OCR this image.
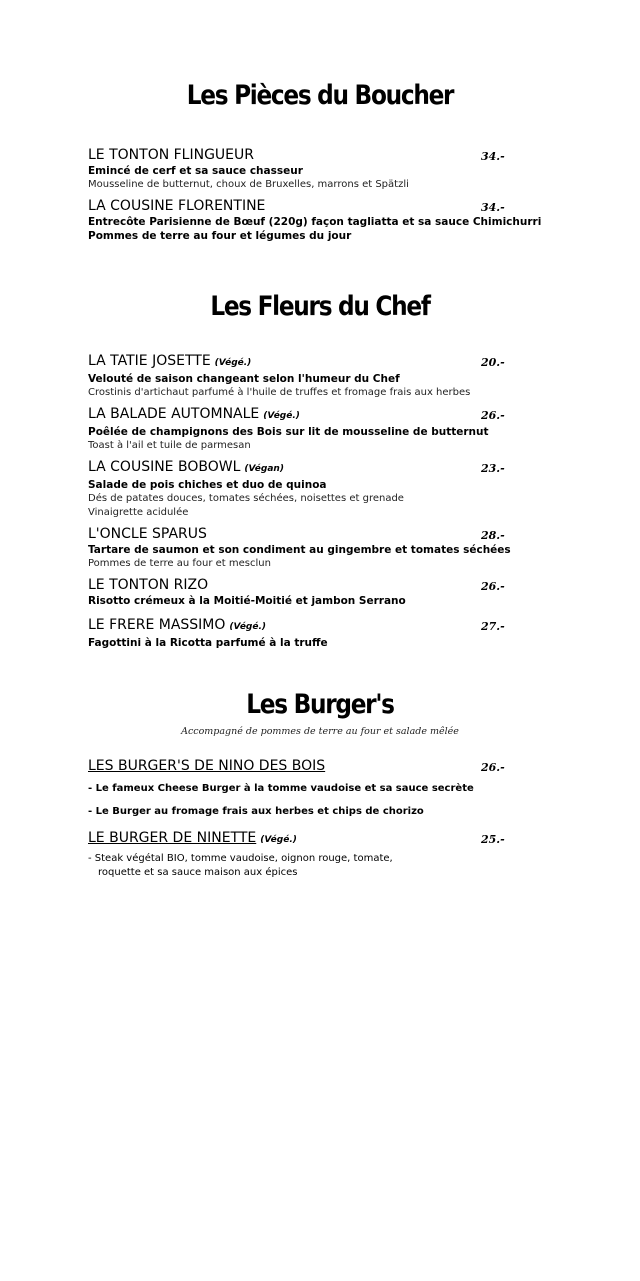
Les Pièces du Boucher
LE TONTON FLINGUEUR
Emincé de cerf et sa sauce chasseur
Mousseline de butternut, choux de Bruxelles, marrons et Spätzli
34.-
LA COUSINE FLORENTINE
Entrecôte Parisienne de Bœuf (220g) façon tagliatta et sa sauce Chimichurri
Pommes de terre au four et légumes du jour
34.-
Les Fleurs du Chef
LA TATIE JOSETTE (Végé.)
Velouté de saison changeant selon l'humeur du Chef
Crostinis d'artichaut parfumé à l'huile de truffes et fromage frais aux herbes
20.-
LA BALADE AUTOMNALE (Végé.)
Poêlée de champignons des Bois sur lit de mousseline de butternut
Toast à l'ail et tuile de parmesan
26.-
LA COUSINE BOBOWL (Végan)
Salade de pois chiches et duo de quinoa
Dés de patates douces, tomates séchées, noisettes et grenade
Vinaigrette acidulée
23.-
L'ONCLE SPARUS
Tartare de saumon et son condiment au gingembre et tomates séchées
Pommes de terre au four et mesclun
28.-
LE TONTON RIZO
Risotto crémeux à la Moitié-Moitié et jambon Serrano
26.-
LE FRERE MASSIMO (Végé.)
Fagottini à la Ricotta parfumé à la truffe
27.-
Les Burger's
Accompagné de pommes de terre au four et salade mêlée
LES BURGER'S DE NINO DES BOIS	26.-
- Le fameux Cheese Burger à la tomme vaudoise et sa sauce secrète
- Le Burger au fromage frais aux herbes et chips de chorizo
LE BURGER DE NINETTE (Végé.)	25.-
- Steak végétal BIO, tomme vaudoise, oignon rouge, tomate,
roquette et sa sauce maison aux épices
